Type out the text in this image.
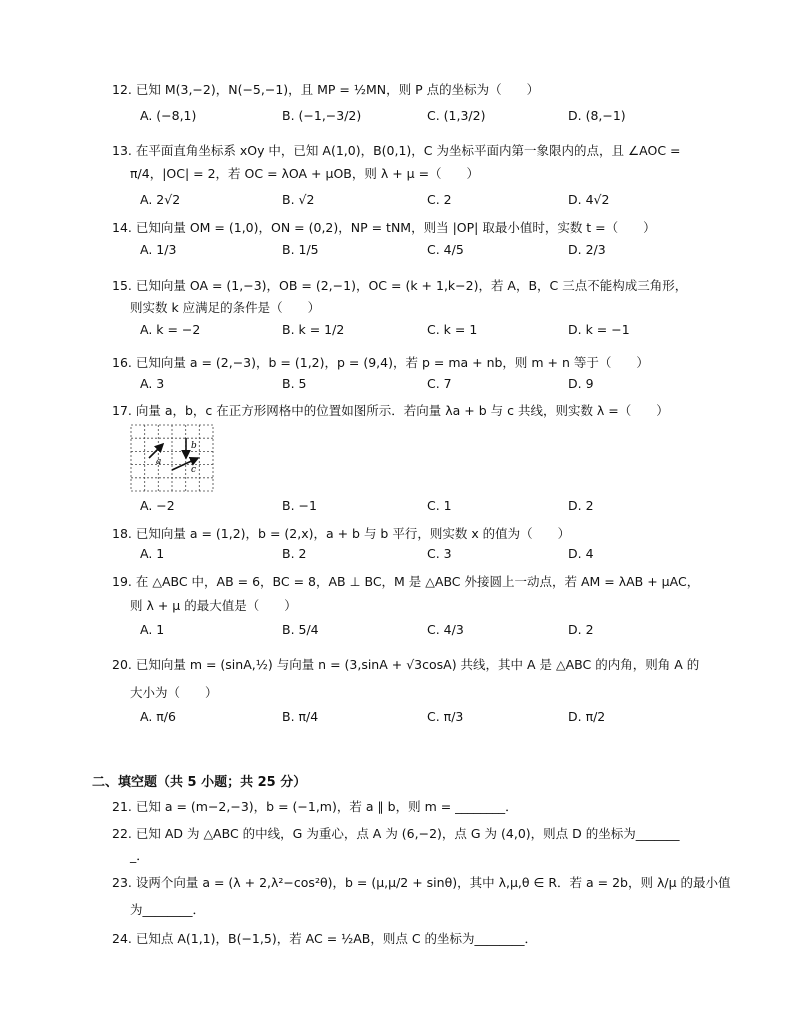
12. 已知 M(3,−2)，N(−5,−1)，且 MP = ½MN，则 P 点的坐标为（　　）
A. (−8,1)	B. (−1,−3/2)	C. (1,3/2)	D. (8,−1)
13. 在平面直角坐标系 xOy 中，已知 A(1,0)，B(0,1)，C 为坐标平面内第一象限内的点，且 ∠AOC =
π/4，|OC| = 2，若 OC = λOA + μOB，则 λ + μ =（　　）
A. 2√2	B. √2	C. 2	D. 4√2
14. 已知向量 OM = (1,0)，ON = (0,2)，NP = tNM，则当 |OP| 取最小值时，实数 t =（　　）
A. 1/3	B. 1/5	C. 4/5	D. 2/3
15. 已知向量 OA = (1,−3)，OB = (2,−1)，OC = (k + 1,k−2)，若 A，B，C 三点不能构成三角形，
则实数 k 应满足的条件是（　　）
A. k = −2	B. k = 1/2	C. k = 1	D. k = −1
16. 已知向量 a = (2,−3)，b = (1,2)，p = (9,4)，若 p = ma + nb，则 m + n 等于（　　）
A. 3	B. 5	C. 7	D. 9
17. 向量 a，b，c 在正方形网格中的位置如图所示．若向量 λa + b 与 c 共线，则实数 λ =（　　）
a
b
c
A. −2	B. −1	C. 1	D. 2
18. 已知向量 a = (1,2)，b = (2,x)，a + b 与 b 平行，则实数 x 的值为（　　）
A. 1	B. 2	C. 3	D. 4
19. 在 △ABC 中，AB = 6，BC = 8，AB ⊥ BC，M 是 △ABC 外接圆上一动点，若 AM = λAB + μAC，
则 λ + μ 的最大值是（　　）
A. 1	B. 5/4	C. 4/3	D. 2
20. 已知向量 m = (sinA,½) 与向量 n = (3,sinA + √3cosA) 共线，其中 A 是 △ABC 的内角，则角 A 的
大小为（　　）
A. π/6	B. π/4	C. π/3	D. π/2
二、填空题（共 5 小题；共 25 分）
21. 已知 a = (m−2,−3)，b = (−1,m)，若 a ∥ b，则 m = ________．
22. 已知 AD 为 △ABC 的中线，G 为重心，点 A 为 (6,−2)，点 G 为 (4,0)，则点 D 的坐标为_______
_．
23. 设两个向量 a = (λ + 2,λ²−cos²θ)，b = (μ,μ/2 + sinθ)，其中 λ,μ,θ ∈ R．若 a = 2b，则 λ/μ 的最小值
为________．
24. 已知点 A(1,1)，B(−1,5)，若 AC = ½AB，则点 C 的坐标为________．
